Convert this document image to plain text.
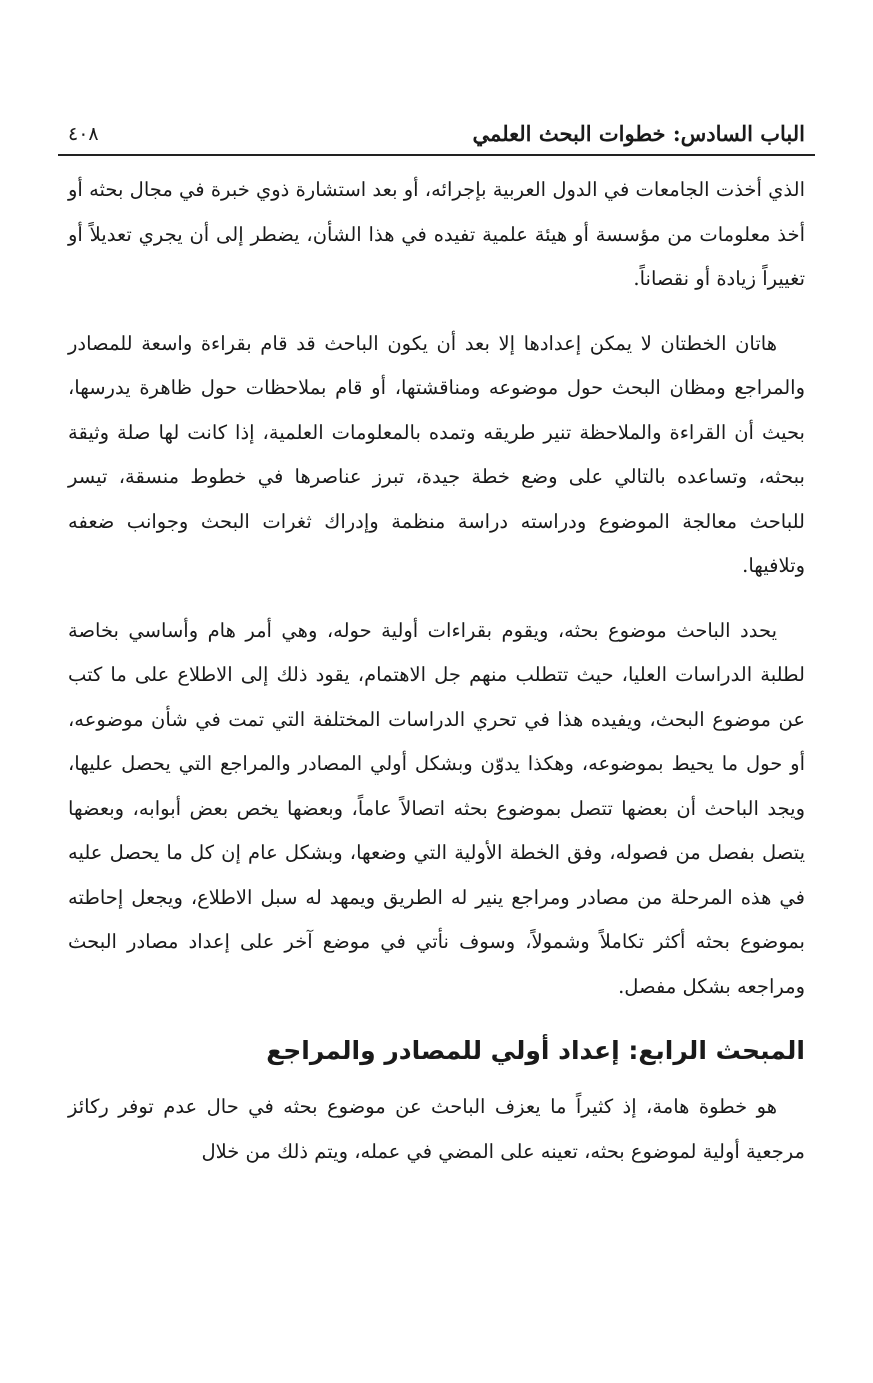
الباب السادس: خطوات البحث العلمي
٤٠٨

الذي أخذت الجامعات في الدول العربية بإجرائه، أو بعد استشارة ذوي خبرة في مجال بحثه أو أخذ معلومات من مؤسسة أو هيئة علمية تفيده في هذا الشأن، يضطر إلى أن يجري تعديلاً أو تغييراً زيادة أو نقصاناً.

هاتان الخطتان لا يمكن إعدادها إلا بعد أن يكون الباحث قد قام بقراءة واسعة للمصادر والمراجع ومظان البحث حول موضوعه ومناقشتها، أو قام بملاحظات حول ظاهرة يدرسها، بحيث أن القراءة والملاحظة تنير طريقه وتمده بالمعلومات العلمية، إذا كانت لها صلة وثيقة ببحثه، وتساعده بالتالي على وضع خطة جيدة، تبرز عناصرها في خطوط منسقة، تيسر للباحث معالجة الموضوع ودراسته دراسة منظمة وإدراك ثغرات البحث وجوانب ضعفه وتلافيها.

يحدد الباحث موضوع بحثه، ويقوم بقراءات أولية حوله، وهي أمر هام وأساسي بخاصة لطلبة الدراسات العليا، حيث تتطلب منهم جل الاهتمام، يقود ذلك إلى الاطلاع على ما كتب عن موضوع البحث، ويفيده هذا في تحري الدراسات المختلفة التي تمت في شأن موضوعه، أو حول ما يحيط بموضوعه، وهكذا يدوّن وبشكل أولي المصادر والمراجع التي يحصل عليها، ويجد الباحث أن بعضها تتصل بموضوع بحثه اتصالاً عاماً، وبعضها يخص بعض أبوابه، وبعضها يتصل بفصل من فصوله، وفق الخطة الأولية التي وضعها، وبشكل عام إن كل ما يحصل عليه في هذه المرحلة من مصادر ومراجع ينير له الطريق ويمهد له سبل الاطلاع، ويجعل إحاطته بموضوع بحثه أكثر تكاملاً وشمولاً، وسوف نأتي في موضع آخر على إعداد مصادر البحث ومراجعه بشكل مفصل.

المبحث الرابع: إعداد أولي للمصادر والمراجع

هو خطوة هامة، إذ كثيراً ما يعزف الباحث عن موضوع بحثه في حال عدم توفر ركائز مرجعية أولية لموضوع بحثه، تعينه على المضي في عمله، ويتم ذلك من خلال
